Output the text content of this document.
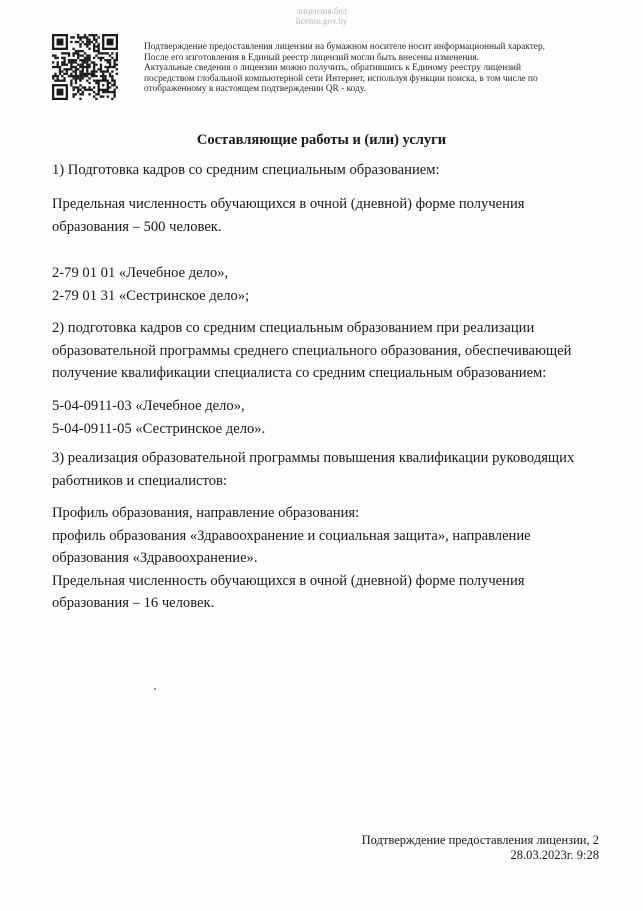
лицензия.бел
license.gov.by
Подтверждение предоставления лицензии на бумажном носителе носит информационный характер.
После его изготовления в Единый реестр лицензий могли быть внесены изменения.
Актуальные сведения о лицензии можно получить, обратившись к Единому реестру лицензий
посредством глобальной компьютерной сети Интернет, используя функции поиска, в том числе по
отображенному в настоящем подтверждении QR - коду.
Составляющие работы и (или) услуги
1) Подготовка кадров со средним специальным образованием:
Предельная численность обучающихся в очной (дневной) форме получения
образования – 500 человек.
2-79 01 01 «Лечебное дело»,
2-79 01 31 «Сестринское дело»;
2) подготовка кадров со средним специальным образованием при реализации
образовательной программы среднего специального образования, обеспечивающей
получение квалификации специалиста со средним специальным образованием:
5-04-0911-03 «Лечебное дело»,
5-04-0911-05 «Сестринское дело».
3) реализация образовательной программы повышения квалификации руководящих
работников и специалистов:
Профиль образования, направление образования:
профиль образования «Здравоохранение и социальная защита», направление
образования «Здравоохранение».
Предельная численность обучающихся в очной (дневной) форме получения
образования – 16 человек.
Подтверждение предоставления лицензии, 2
28.03.2023г. 9:28
